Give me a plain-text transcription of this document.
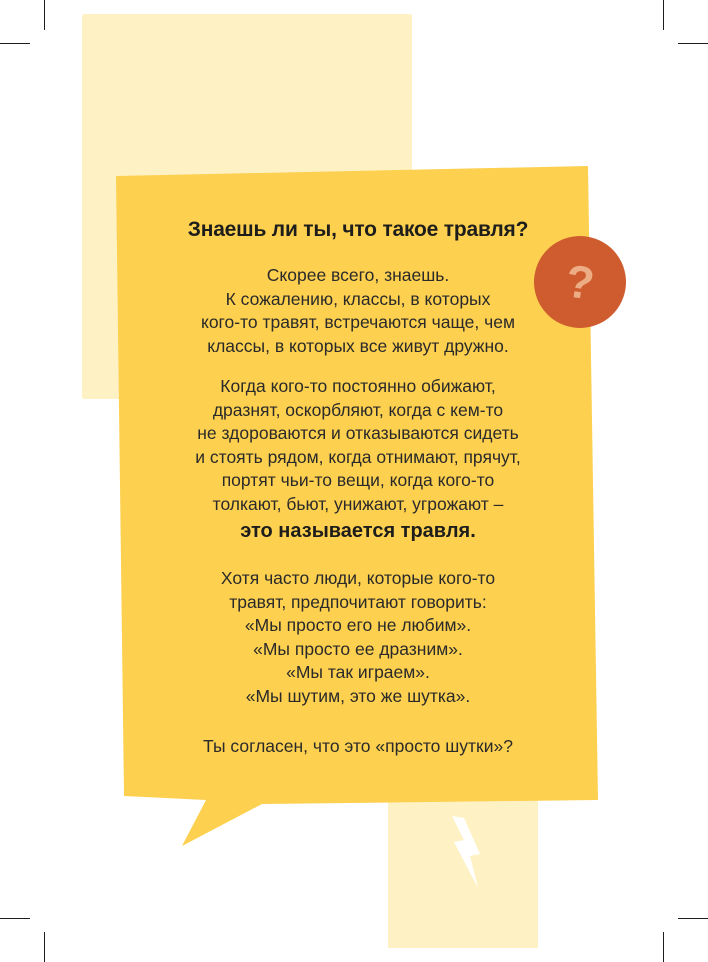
?
Знаешь ли ты, что такое травля?

Скорее всего, знаешь.
К сожалению, классы, в которых
кого-то травят, встречаются чаще, чем
классы, в которых все живут дружно.

Когда кого-то постоянно обижают,
дразнят, оскорбляют, когда с кем-то
не здороваются и отказываются сидеть
и стоять рядом, когда отнимают, прячут,
портят чьи-то вещи, когда кого-то
толкают, бьют, унижают, угрожают –
это называется травля.

Хотя часто люди, которые кого-то
травят, предпочитают говорить:
«Мы просто его не любим».
«Мы просто ее дразним».
«Мы так играем».
«Мы шутим, это же шутка».

Ты согласен, что это «просто шутки»?
